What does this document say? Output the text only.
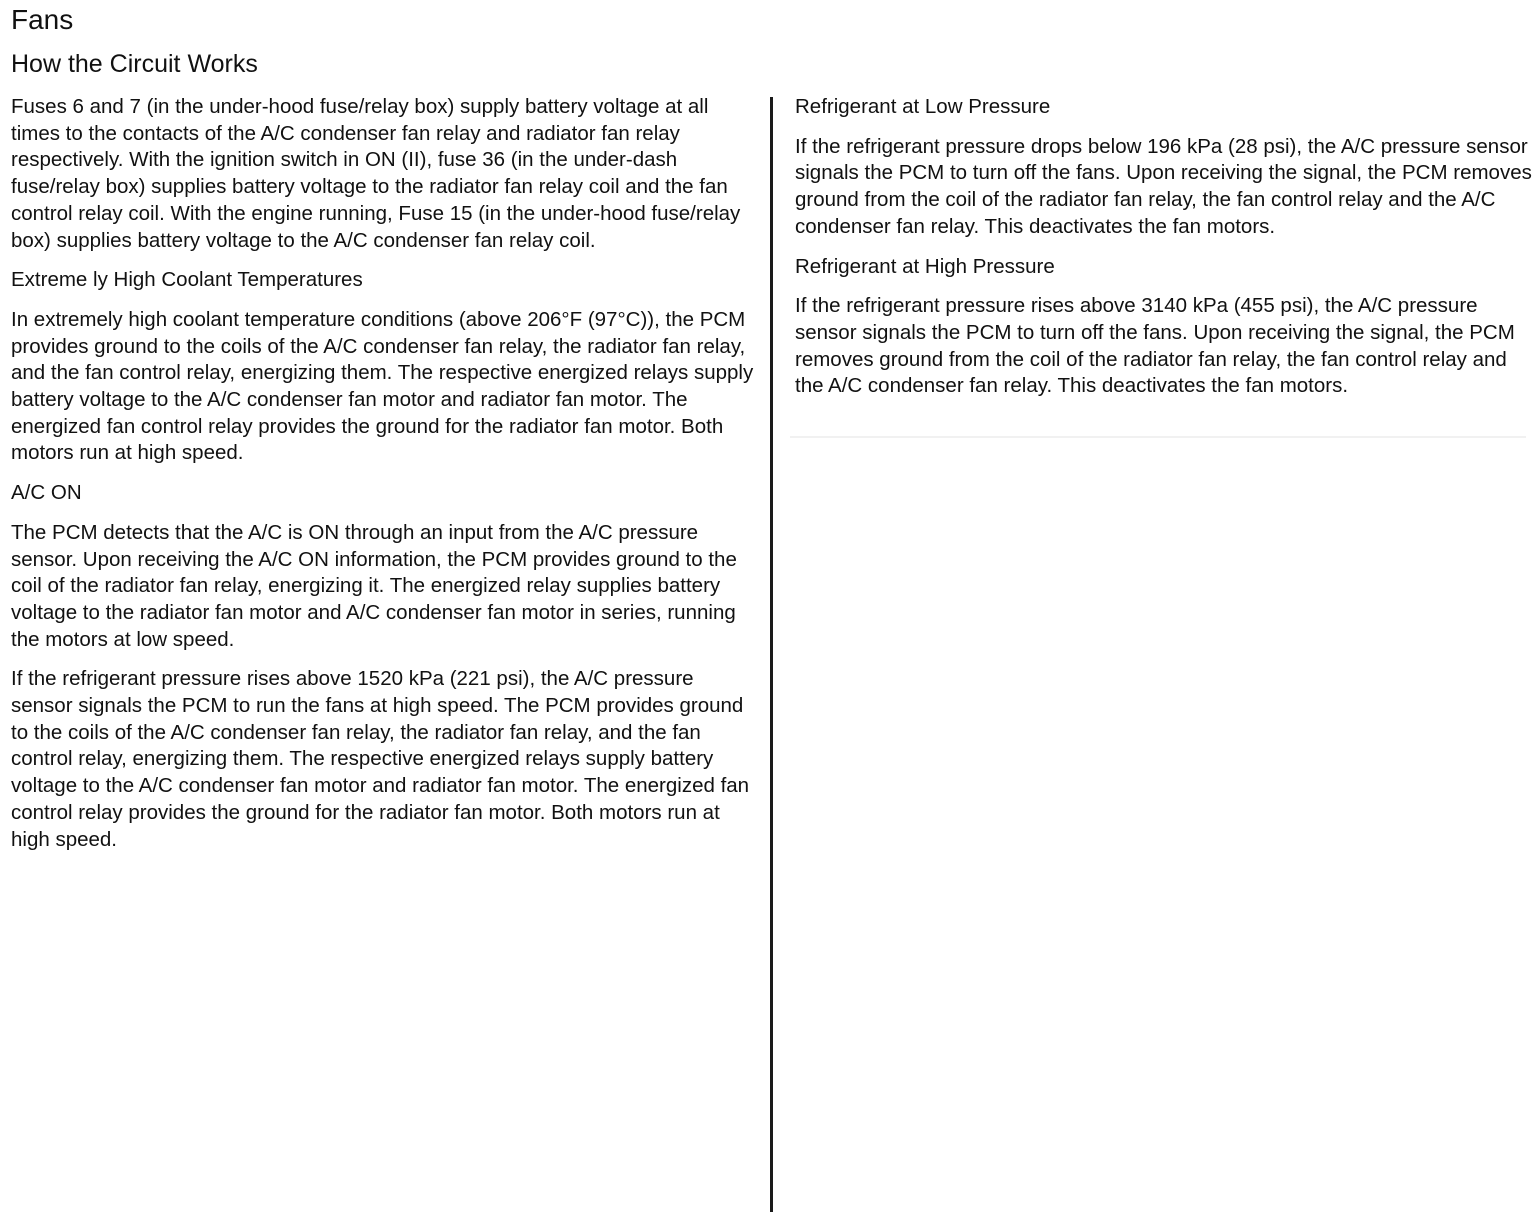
Fans
How the Circuit Works

Fuses 6 and 7 (in the under-hood fuse/relay box) supply battery voltage at all times to the contacts of the A/C condenser fan relay and radiator fan relay respectively. With the ignition switch in ON (II), fuse 36 (in the under-dash fuse/relay box) supplies battery voltage to the radiator fan relay coil and the fan control relay coil. With the engine running, Fuse 15 (in the under-hood fuse/relay box) supplies battery voltage to the A/C condenser fan relay coil.

Extreme ly High Coolant Temperatures

In extremely high coolant temperature conditions (above 206°F (97°C)), the PCM provides ground to the coils of the A/C condenser fan relay, the radiator fan relay, and the fan control relay, energizing them. The respective energized relays supply battery voltage to the A/C condenser fan motor and radiator fan motor. The energized fan control relay provides the ground for the radiator fan motor. Both motors run at high speed.

A/C ON

The PCM detects that the A/C is ON through an input from the A/C pressure sensor. Upon receiving the A/C ON information, the PCM provides ground to the coil of the radiator fan relay, energizing it. The energized relay supplies battery voltage to the radiator fan motor and A/C condenser fan motor in series, running the motors at low speed.

If the refrigerant pressure rises above 1520 kPa (221 psi), the A/C pressure sensor signals the PCM to run the fans at high speed. The PCM provides ground to the coils of the A/C condenser fan relay, the radiator fan relay, and the fan control relay, energizing them. The respective energized relays supply battery voltage to the A/C condenser fan motor and radiator fan motor. The energized fan control relay provides the ground for the radiator fan motor. Both motors run at high speed.

Refrigerant at Low Pressure

If the refrigerant pressure drops below 196 kPa (28 psi), the A/C pressure sensor signals the PCM to turn off the fans. Upon receiving the signal, the PCM removes ground from the coil of the radiator fan relay, the fan control relay and the A/C condenser fan relay. This deactivates the fan motors.

Refrigerant at High Pressure

If the refrigerant pressure rises above 3140 kPa (455 psi), the A/C pressure sensor signals the PCM to turn off the fans. Upon receiving the signal, the PCM removes ground from the coil of the radiator fan relay, the fan control relay and the A/C condenser fan relay. This deactivates the fan motors.
